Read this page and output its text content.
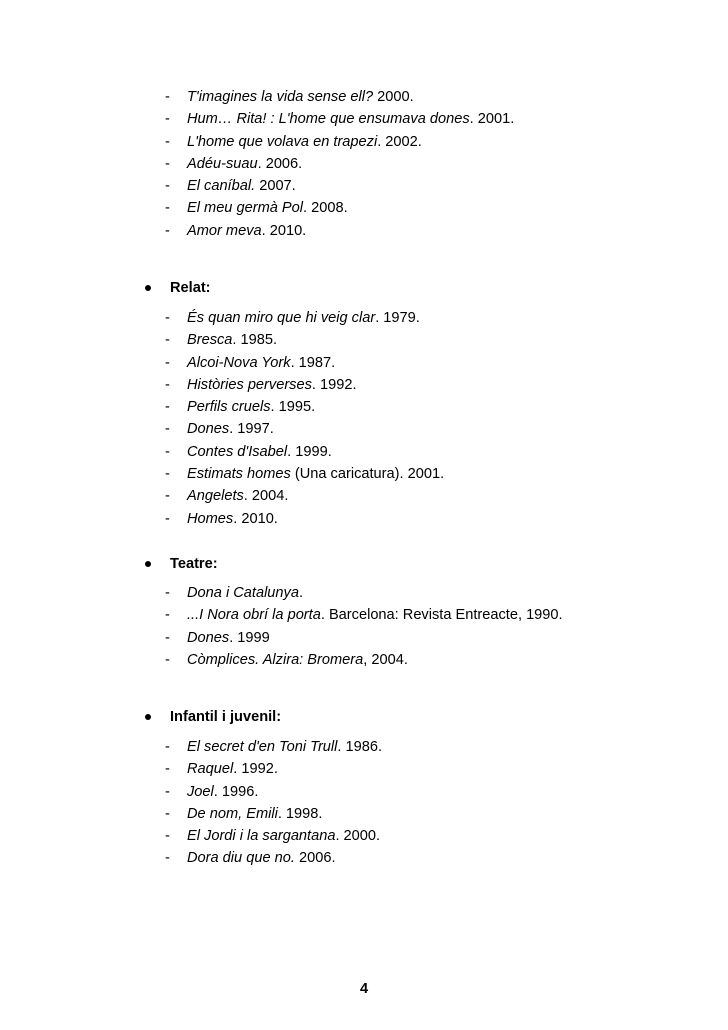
- T'imagines la vida sense ell? 2000.
- Hum… Rita! : L'home que ensumava dones. 2001.
- L'home que volava en trapezi. 2002.
- Adéu-suau. 2006.
- El caníbal. 2007.
- El meu germà Pol. 2008.
- Amor meva. 2010.
Relat:
- És quan miro que hi veig clar. 1979.
- Bresca. 1985.
- Alcoi-Nova York. 1987.
- Històries perverses. 1992.
- Perfils cruels. 1995.
- Dones. 1997.
- Contes d'Isabel. 1999.
- Estimats homes (Una caricatura). 2001.
- Angelets. 2004.
- Homes. 2010.
Teatre:
- Dona i Catalunya.
- ...I Nora obrí la porta. Barcelona: Revista Entreacte, 1990.
- Dones. 1999
- Còmplices. Alzira: Bromera, 2004.
Infantil i juvenil:
- El secret d'en Toni Trull. 1986.
- Raquel. 1992.
- Joel. 1996.
- De nom, Emili. 1998.
- El Jordi i la sargantana. 2000.
- Dora diu que no. 2006.
4
